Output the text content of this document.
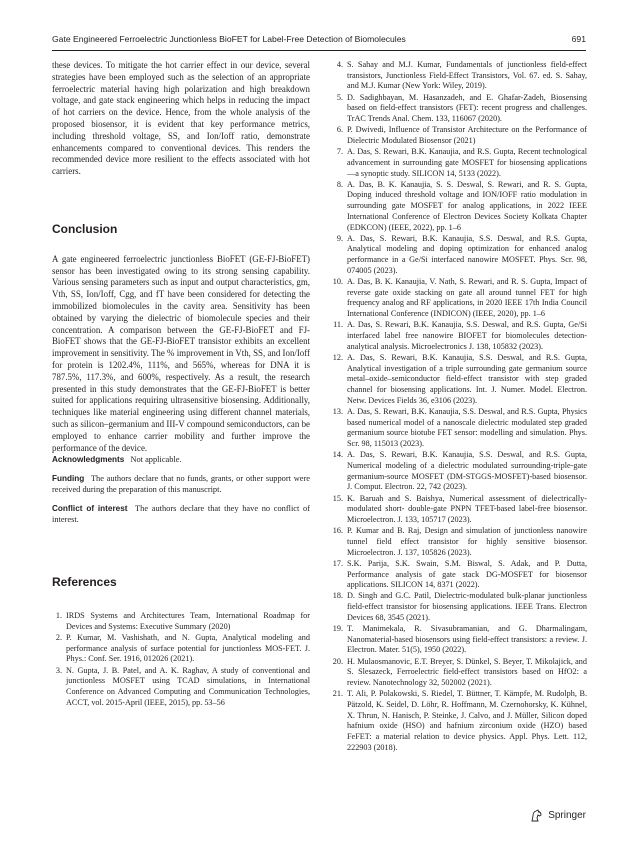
Gate Engineered Ferroelectric Junctionless BioFET for Label-Free Detection of Biomolecules	691

these devices. To mitigate the hot carrier effect in our device, several strategies have been employed such as the selection of an appropriate ferroelectric material having high polarization and high breakdown voltage, and gate stack engineering which helps in reducing the impact of hot carriers on the device. Hence, from the whole analysis of the proposed biosensor, it is evident that key performance metrics, including threshold voltage, SS, and Ion/Ioff ratio, demonstrate enhancements compared to conventional devices. This renders the recommended device more resilient to the effects associated with hot carriers.

Conclusion

A gate engineered ferroelectric junctionless BioFET (GE-FJ-BioFET) sensor has been investigated owing to its strong sensing capability. Various sensing parameters such as input and output characteristics, gm, Vth, SS, Ion/Ioff, Cgg, and fT have been considered for detecting the immobilized biomolecules in the cavity area. Sensitivity has been obtained by varying the dielectric of biomolecule species and their concentration. A comparison between the GE-FJ-BioFET and FJ-BioFET shows that the GE-FJ-BioFET transistor exhibits an excellent improvement in sensitivity. The % improvement in Vth, SS, and Ion/Ioff for protein is 1202.4%, 111%, and 565%, whereas for DNA it is 787.5%, 117.3%, and 600%, respectively. As a result, the research presented in this study demonstrates that the GE-FJ-BioFET is better suited for applications requiring ultrasensitive biosensing. Additionally, techniques like material engineering using different channel materials, such as silicon–germanium and III-V compound semiconductors, can be employed to enhance carrier mobility and further improve the performance of the device.

Acknowledgments Not applicable.

Funding The authors declare that no funds, grants, or other support were received during the preparation of this manuscript.

Conflict of interest The authors declare that they have no conflict of interest.

References
1. IRDS Systems and Architectures Team, International Roadmap for Devices and Systems: Executive Summary (2020)
2. P. Kumar, M. Vashishath, and N. Gupta, Analytical modeling and performance analysis of surface potential for junctionless MOS-FET. J. Phys.: Conf. Ser. 1916, 012026 (2021).
3. N. Gupta, J. B. Patel, and A. K. Raghav, A study of conventional and junctionless MOSFET using TCAD simulations, in International Conference on Advanced Computing and Communication Technologies, ACCT, vol. 2015-April (IEEE, 2015), pp. 53–56
4. S. Sahay and M.J. Kumar, Fundamentals of junctionless field-effect transistors, Junctionless Field-Effect Transistors, Vol. 67. ed. S. Sahay, and M.J. Kumar (New York: Wiley, 2019).
5. D. Sadighbayan, M. Hasanzadeh, and E. Ghafar-Zadeh, Biosensing based on field-effect transistors (FET): recent progress and challenges. TrAC Trends Anal. Chem. 133, 116067 (2020).
6. P. Dwivedi, Influence of Transistor Architecture on the Performance of Dielectric Modulated Biosensor (2021)
7. A. Das, S. Rewari, B.K. Kanaujia, and R.S. Gupta, Recent technological advancement in surrounding gate MOSFET for biosensing applications—a synoptic study. SILICON 14, 5133 (2022).
8. A. Das, B. K. Kanaujia, S. S. Deswal, S. Rewari, and R. S. Gupta, Doping induced threshold voltage and ION/IOFF ratio modulation in surrounding gate MOSFET for analog applications, in 2022 IEEE International Conference of Electron Devices Society Kolkata Chapter (EDKCON) (IEEE, 2022), pp. 1–6
9. A. Das, S. Rewari, B.K. Kanaujia, S.S. Deswal, and R.S. Gupta, Analytical modeling and doping optimization for enhanced analog performance in a Ge/Si interfaced nanowire MOSFET. Phys. Scr. 98, 074005 (2023).
10. A. Das, B. K. Kanaujia, V. Nath, S. Rewari, and R. S. Gupta, Impact of reverse gate oxide stacking on gate all around tunnel FET for high frequency analog and RF applications, in 2020 IEEE 17th India Council International Conference (INDICON) (IEEE, 2020), pp. 1–6
11. A. Das, S. Rewari, B.K. Kanaujia, S.S. Deswal, and R.S. Gupta, Ge/Si interfaced label free nanowire BIOFET for biomolecules detection-analytical analysis. Microelectronics J. 138, 105832 (2023).
12. A. Das, S. Rewari, B.K. Kanaujia, S.S. Deswal, and R.S. Gupta, Analytical investigation of a triple surrounding gate germanium source metal–oxide–semiconductor field-effect transistor with step graded channel for biosensing applications. Int. J. Numer. Model. Electron. Netw. Devices Fields 36, e3106 (2023).
13. A. Das, S. Rewari, B.K. Kanaujia, S.S. Deswal, and R.S. Gupta, Physics based numerical model of a nanoscale dielectric modulated step graded germanium source biotube FET sensor: modelling and simulation. Phys. Scr. 98, 115013 (2023).
14. A. Das, S. Rewari, B.K. Kanaujia, S.S. Deswal, and R.S. Gupta, Numerical modeling of a dielectric modulated surrounding-triple-gate germanium-source MOSFET (DM-STGGS-MOSFET)-based biosensor. J. Comput. Electron. 22, 742 (2023).
15. K. Baruah and S. Baishya, Numerical assessment of dielectrically-modulated short- double-gate PNPN TFET-based label-free biosensor. Microelectron. J. 133, 105717 (2023).
16. P. Kumar and B. Raj, Design and simulation of junctionless nanowire tunnel field effect transistor for highly sensitive biosensor. Microelectron. J. 137, 105826 (2023).
17. S.K. Parija, S.K. Swain, S.M. Biswal, S. Adak, and P. Dutta, Performance analysis of gate stack DG-MOSFET for biosensor applications. SILICON 14, 8371 (2022).
18. D. Singh and G.C. Patil, Dielectric-modulated bulk-planar junctionless field-effect transistor for biosensing applications. IEEE Trans. Electron Devices 68, 3545 (2021).
19. T. Manimekala, R. Sivasubramanian, and G. Dharmalingam, Nanomaterial-based biosensors using field-effect transistors: a review. J. Electron. Mater. 51(5), 1950 (2022).
20. H. Mulaosmanovic, E.T. Breyer, S. Dünkel, S. Beyer, T. Mikolajick, and S. Slesazeck, Ferroelectric field-effect transistors based on HfO2: a review. Nanotechnology 32, 502002 (2021).
21. T. Ali, P. Polakowski, S. Riedel, T. Büttner, T. Kämpfe, M. Rudolph, B. Pätzold, K. Seidel, D. Löhr, R. Hoffmann, M. Czernohorsky, K. Kühnel, X. Thrun, N. Hanisch, P. Steinke, J. Calvo, and J. Müller, Silicon doped hafnium oxide (HSO) and hafnium zirconium oxide (HZO) based FeFET: a material relation to device physics. Appl. Phys. Lett. 112, 222903 (2018).
Springer
